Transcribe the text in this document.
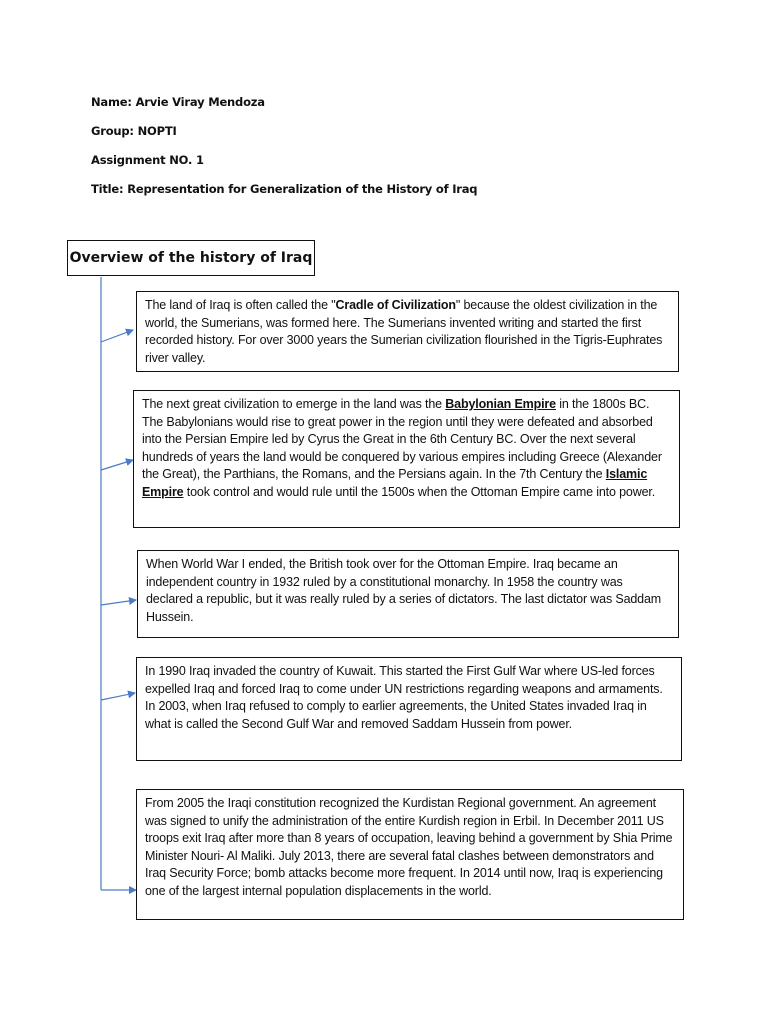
Name: Arvie Viray Mendoza
Group: NOPTI
Assignment NO. 1
Title: Representation for Generalization of the History of Iraq
Overview of the history of Iraq
The land of Iraq is often called the "Cradle of Civilization" because the oldest civilization in the world, the Sumerians, was formed here. The Sumerians invented writing and started the first recorded history. For over 3000 years the Sumerian civilization flourished in the Tigris-Euphrates river valley.
The next great civilization to emerge in the land was the Babylonian Empire in the 1800s BC. The Babylonians would rise to great power in the region until they were defeated and absorbed into the Persian Empire led by Cyrus the Great in the 6th Century BC. Over the next several hundreds of years the land would be conquered by various empires including Greece (Alexander the Great), the Parthians, the Romans, and the Persians again. In the 7th Century the Islamic Empire took control and would rule until the 1500s when the Ottoman Empire came into power.
When World War I ended, the British took over for the Ottoman Empire. Iraq became an independent country in 1932 ruled by a constitutional monarchy. In 1958 the country was declared a republic, but it was really ruled by a series of dictators. The last dictator was Saddam Hussein.
In 1990 Iraq invaded the country of Kuwait. This started the First Gulf War where US-led forces expelled Iraq and forced Iraq to come under UN restrictions regarding weapons and armaments. In 2003, when Iraq refused to comply to earlier agreements, the United States invaded Iraq in what is called the Second Gulf War and removed Saddam Hussein from power.
From 2005 the Iraqi constitution recognized the Kurdistan Regional government. An agreement was signed to unify the administration of the entire Kurdish region in Erbil. In December 2011 US troops exit Iraq after more than 8 years of occupation, leaving behind a government by Shia Prime Minister Nouri- Al Maliki. July 2013, there are several fatal clashes between demonstrators and Iraq Security Force; bomb attacks become more frequent. In 2014 until now, Iraq is experiencing one of the largest internal population displacements in the world.
